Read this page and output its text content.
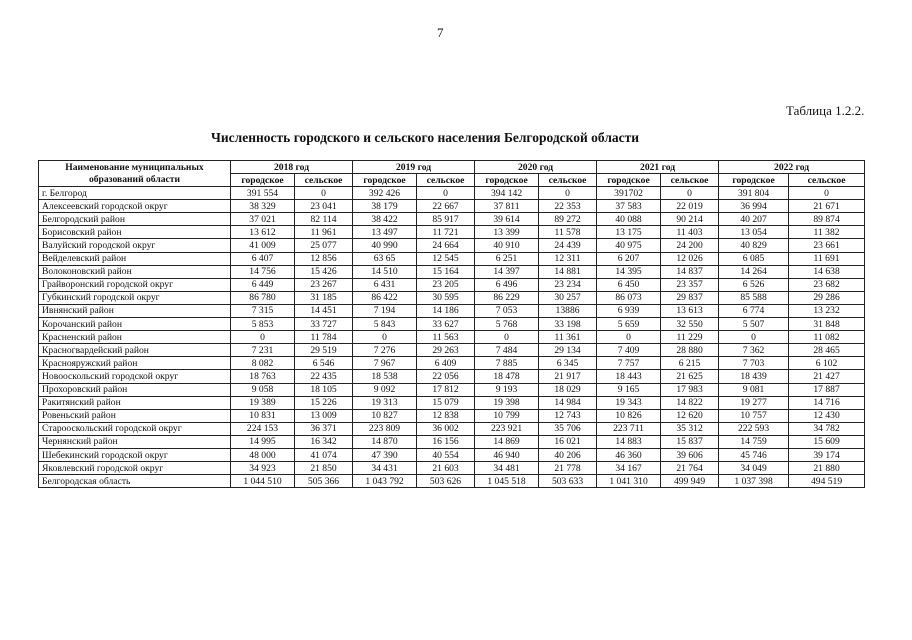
7
Таблица 1.2.2.
Численность городского и сельского населения Белгородской области
Наименование муниципальных образований области	2018 год		2019 год		2020 год		2021 год		2022 год	
	городское	сельское	городское	сельское	городское	сельское	городское	сельское	городское	сельское
г. Белгород	391 554	0	392 426	0	394 142	0	391702	0	391 804	0
Алексеевский городской округ	38 329	23 041	38 179	22 667	37 811	22 353	37 583	22 019	36 994	21 671
Белгородский район	37 021	82 114	38 422	85 917	39 614	89 272	40 088	90 214	40 207	89 874
Борисовский район	13 612	11 961	13 497	11 721	13 399	11 578	13 175	11 403	13 054	11 382
Валуйский городской округ	41 009	25 077	40 990	24 664	40 910	24 439	40 975	24 200	40 829	23 661
Вейделевский район	6 407	12 856	63 65	12 545	6 251	12 311	6 207	12 026	6 085	11 691
Волоконовский район	14 756	15 426	14 510	15 164	14 397	14 881	14 395	14 837	14 264	14 638
Грайворонский городской округ	6 449	23 267	6 431	23 205	6 496	23 234	6 450	23 357	6 526	23 682
Губкинский городской округ	86 780	31 185	86 422	30 595	86 229	30 257	86 073	29 837	85 588	29 286
Ивнянский район	7 315	14 451	7 194	14 186	7 053	13886	6 939	13 613	6 774	13 232
Корочанский район	5 853	33 727	5 843	33 627	5 768	33 198	5 659	32 550	5 507	31 848
Красненский район	0	11 784	0	11 563	0	11 361	0	11 229	0	11 082
Красногвардейский район	7 231	29 519	7 276	29 263	7 484	29 134	7 409	28 880	7 362	28 465
Краснояружский район	8 082	6 546	7 967	6 409	7 885	6 345	7 757	6 215	7 703	6 102
Новооскольский городской округ	18 763	22 435	18 538	22 056	18 478	21 917	18 443	21 625	18 439	21 427
Прохоровский район	9 058	18 105	9 092	17 812	9 193	18 029	9 165	17 983	9 081	17 887
Ракитянский район	19 389	15 226	19 313	15 079	19 398	14 984	19 343	14 822	19 277	14 716
Ровеньский район	10 831	13 009	10 827	12 838	10 799	12 743	10 826	12 620	10 757	12 430
Старооскольский городской округ	224 153	36 371	223 809	36 002	223 921	35 706	223 711	35 312	222 593	34 782
Чернянский район	14 995	16 342	14 870	16 156	14 869	16 021	14 883	15 837	14 759	15 609
Шебекинский городской округ	48 000	41 074	47 390	40 554	46 940	40 206	46 360	39 606	45 746	39 174
Яковлевский городской округ	34 923	21 850	34 431	21 603	34 481	21 778	34 167	21 764	34 049	21 880
Белгородская область	1 044 510	505 366	1 043 792	503 626	1 045 518	503 633	1 041 310	499 949	1 037 398	494 519
